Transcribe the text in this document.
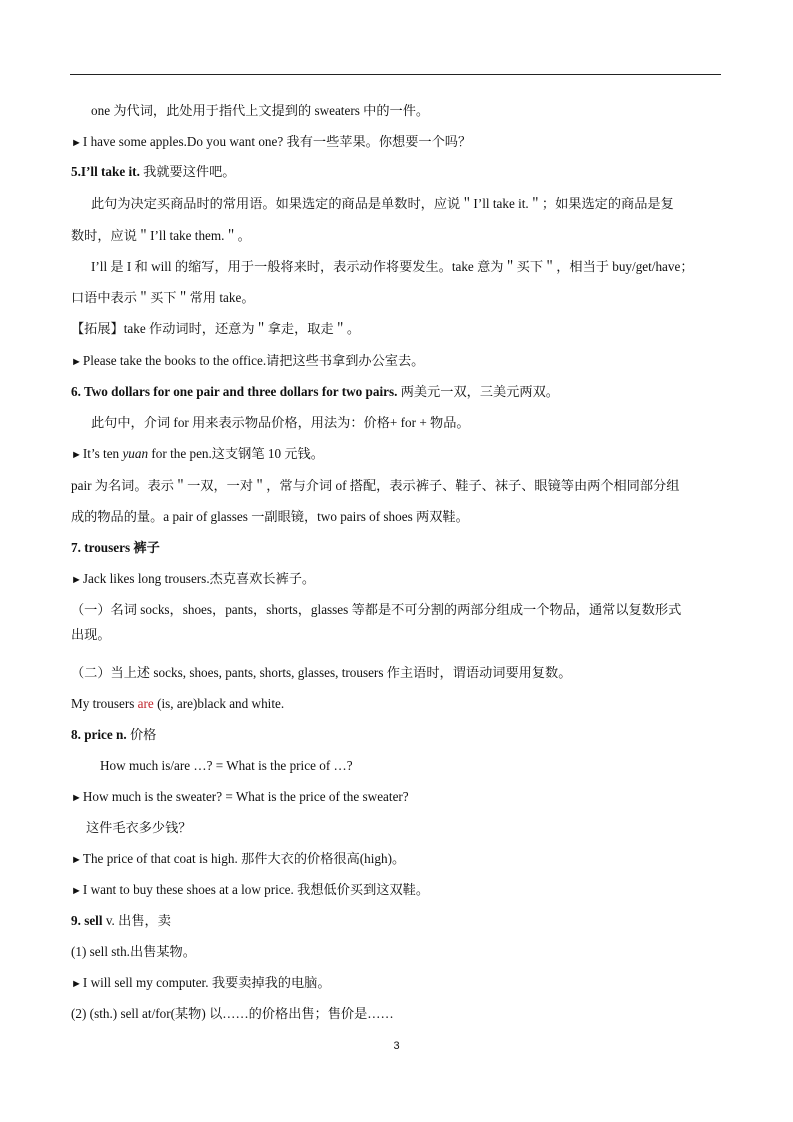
one 为代词，此处用于指代上文提到的 sweaters 中的一件。
►I have some apples.Do you want one? 我有一些苹果。你想要一个吗？
5.I’ll take it. 我就要这件吧。
此句为决定买商品时的常用语。如果选定的商品是单数时，应说＂I’ll take it.＂；如果选定的商品是复
数时，应说＂I’ll take them.＂。
I’ll 是 I 和 will 的缩写，用于一般将来时，表示动作将要发生。take 意为＂买下＂，相当于 buy/get/have；
口语中表示＂买下＂常用 take。
【拓展】take 作动词时，还意为＂拿走，取走＂。
►Please take the books to the office.请把这些书拿到办公室去。
6. Two dollars for one pair and three dollars for two pairs. 两美元一双，三美元两双。
此句中，介词 for 用来表示物品价格，用法为：价格+ for + 物品。
►It’s ten yuan for the pen.这支钢笔 10 元钱。
pair 为名词。表示＂一双，一对＂，常与介词 of 搭配，表示裤子、鞋子、袜子、眼镜等由两个相同部分组
成的物品的量。a pair of glasses 一副眼镜，two pairs of shoes 两双鞋。
7. trousers 裤子
►Jack likes long trousers.杰克喜欢长裤子。
（一）名词 socks，shoes，pants，shorts，glasses 等都是不可分割的两部分组成一个物品，通常以复数形式
出现。
（二）当上述 socks, shoes, pants, shorts, glasses, trousers 作主语时，谓语动词要用复数。
My trousers are (is, are)black and white.
8. price n. 价格
How much is/are …? = What is the price of …?
►How much is the sweater? = What is the price of the sweater?
这件毛衣多少钱？
►The price of that coat is high. 那件大衣的价格很高(high)。
►I want to buy these shoes at a low price. 我想低价买到这双鞋。
9. sell v. 出售，卖
(1) sell sth.出售某物。
►I will sell my computer. 我要卖掉我的电脑。
(2) (sth.) sell at/for(某物) 以……的价格出售；售价是……
3
